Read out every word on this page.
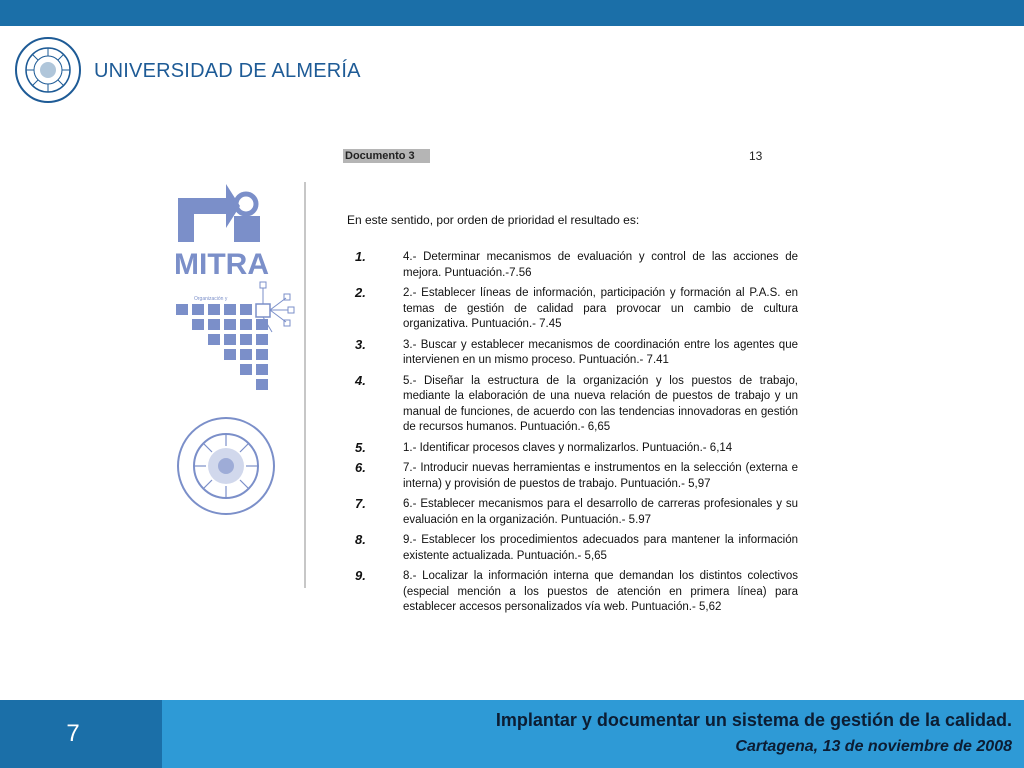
UNIVERSIDAD DE ALMERÍA
Documento 3	13
Plan
MITRA
Organización y
En este sentido, por orden de prioridad el resultado es:
1.	4.- Determinar mecanismos de evaluación y control de las acciones de mejora. Puntuación.-7.56
2.	2.- Establecer líneas de información, participación y formación al P.A.S. en temas de gestión de calidad para provocar un cambio de cultura organizativa. Puntuación.- 7.45
3.	3.- Buscar y establecer mecanismos de coordinación entre los agentes que intervienen en un mismo proceso. Puntuación.- 7.41
4.	5.- Diseñar la estructura de la organización y los puestos de trabajo, mediante la elaboración de una nueva relación de puestos de trabajo y un manual de funciones, de acuerdo con las tendencias innovadoras en gestión de recursos humanos. Puntuación.- 6,65
5.	1.- Identificar procesos claves y normalizarlos. Puntuación.- 6,14
6.	7.- Introducir nuevas herramientas e instrumentos en la selección (externa e interna) y provisión de puestos de trabajo. Puntuación.- 5,97
7.	6.- Establecer mecanismos para el desarrollo de carreras profesionales y su evaluación en la organización. Puntuación.- 5.97
8.	9.- Establecer los procedimientos adecuados para mantener la información existente actualizada. Puntuación.- 5,65
9.	8.- Localizar la información interna que demandan los distintos colectivos (especial mención a los puestos de atención en primera línea) para establecer accesos personalizados vía web. Puntuación.- 5,62
7	Implantar y documentar un sistema de gestión de la calidad.
Cartagena, 13 de noviembre de 2008
